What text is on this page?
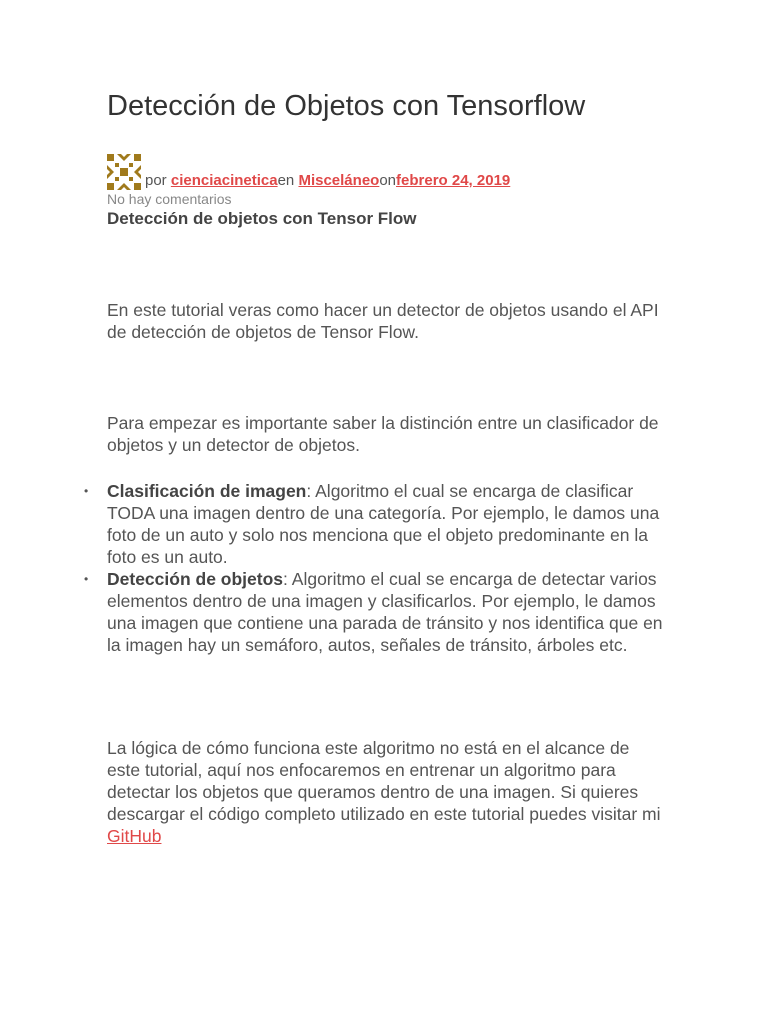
Detección de Objetos con Tensorflow
por
cienciacinetica en
Misceláneo on febrero 24, 2019
No hay comentarios
Detección de objetos con Tensor Flow

En este tutorial veras como hacer un detector de objetos usando el API de detección de objetos de Tensor Flow.

Para empezar es importante saber la distinción entre un clasificador de objetos y un detector de objetos.

• Clasificación de imagen: Algoritmo el cual se encarga de clasificar TODA una imagen dentro de una categoría. Por ejemplo, le damos una foto de un auto y solo nos menciona que el objeto predominante en la foto es un auto.
• Detección de objetos: Algoritmo el cual se encarga de detectar varios elementos dentro de una imagen y clasificarlos. Por ejemplo, le damos una imagen que contiene una parada de tránsito y nos identifica que en la imagen hay un semáforo, autos, señales de tránsito, árboles etc.

La lógica de cómo funciona este algoritmo no está en el alcance de este tutorial, aquí nos enfocaremos en entrenar un algoritmo para detectar los objetos que queramos dentro de una imagen. Si quieres descargar el código completo utilizado en este tutorial puedes visitar mi GitHub
